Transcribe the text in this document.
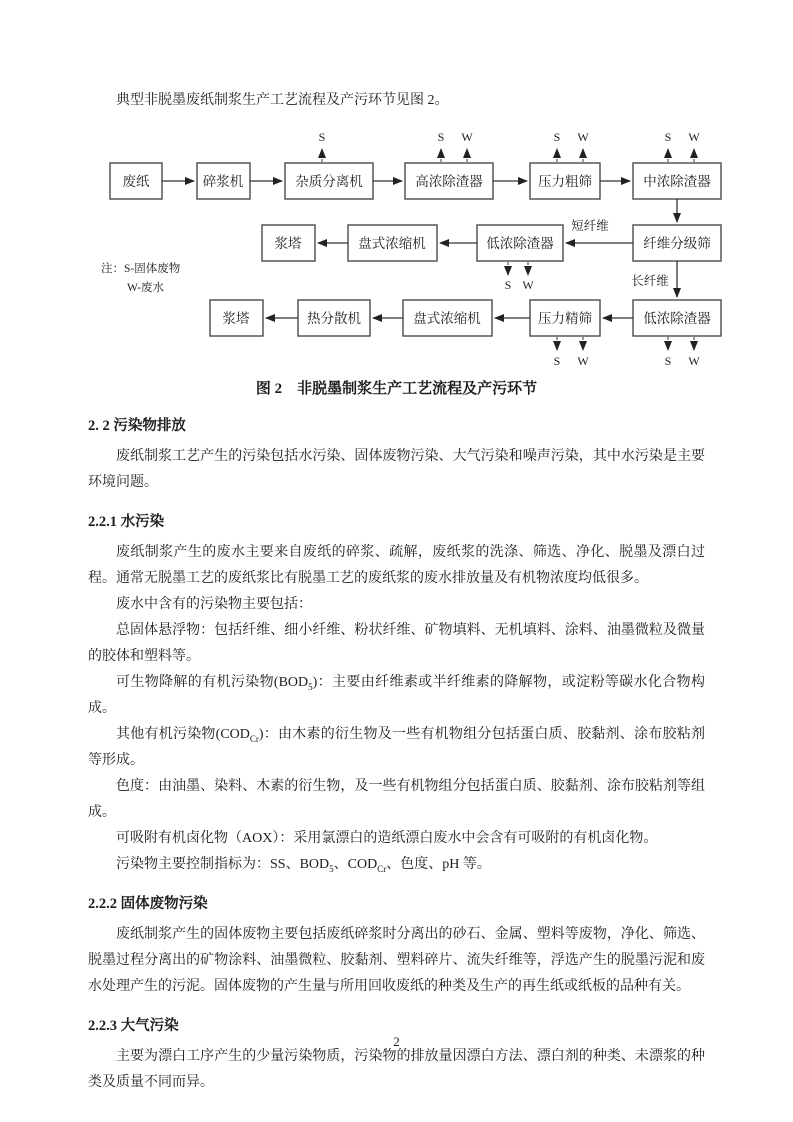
典型非脱墨废纸制浆生产工艺流程及产污环节见图 2。

废纸	碎浆机	杂质分离机	高浓除渣器	压力粗筛	中浓除渣器
S	S W	S W	S W
浆塔	盘式浓缩机	低浓除渣器	纤维分级筛
短纤维
S W	长纤维
注：S-固体废物
W-废水
浆塔	热分散机	盘式浓缩机	压力精筛	低浓除渣器
S W	S W
图 2　非脱墨制浆生产工艺流程及产污环节
2. 2 污染物排放

废纸制浆工艺产生的污染包括水污染、固体废物污染、大气污染和噪声污染，其中水污染是主要环境问题。

2.2.1 水污染

废纸制浆产生的废水主要来自废纸的碎浆、疏解，废纸浆的洗涤、筛选、净化、脱墨及漂白过程。通常无脱墨工艺的废纸浆比有脱墨工艺的废纸浆的废水排放量及有机物浓度均低很多。

废水中含有的污染物主要包括：

总固体悬浮物：包括纤维、细小纤维、粉状纤维、矿物填料、无机填料、涂料、油墨微粒及微量的胶体和塑料等。

可生物降解的有机污染物$(BOD_5)$：主要由纤维素或半纤维素的降解物，或淀粉等碳水化合物构成。

其他有机污染物$(COD_{Cr})$：由木素的衍生物及一些有机物组分包括蛋白质、胶黏剂、涂布胶粘剂等形成。

色度：由油墨、染料、木素的衍生物，及一些有机物组分包括蛋白质、胶黏剂、涂布胶粘剂等组成。

可吸附有机卤化物（AOX）：采用氯漂白的造纸漂白废水中会含有可吸附的有机卤化物。

污染物主要控制指标为：SS、$BOD_5$、$COD_{Cr}$、色度、pH 等。

2.2.2 固体废物污染

废纸制浆产生的固体废物主要包括废纸碎浆时分离出的砂石、金属、塑料等废物，净化、筛选、脱墨过程分离出的矿物涂料、油墨微粒、胶黏剂、塑料碎片、流失纤维等，浮选产生的脱墨污泥和废水处理产生的污泥。固体废物的产生量与所用回收废纸的种类及生产的再生纸或纸板的品种有关。

2.2.3 大气污染

主要为漂白工序产生的少量污染物质，污染物的排放量因漂白方法、漂白剂的种类、未漂浆的种类及质量不同而异。

2
